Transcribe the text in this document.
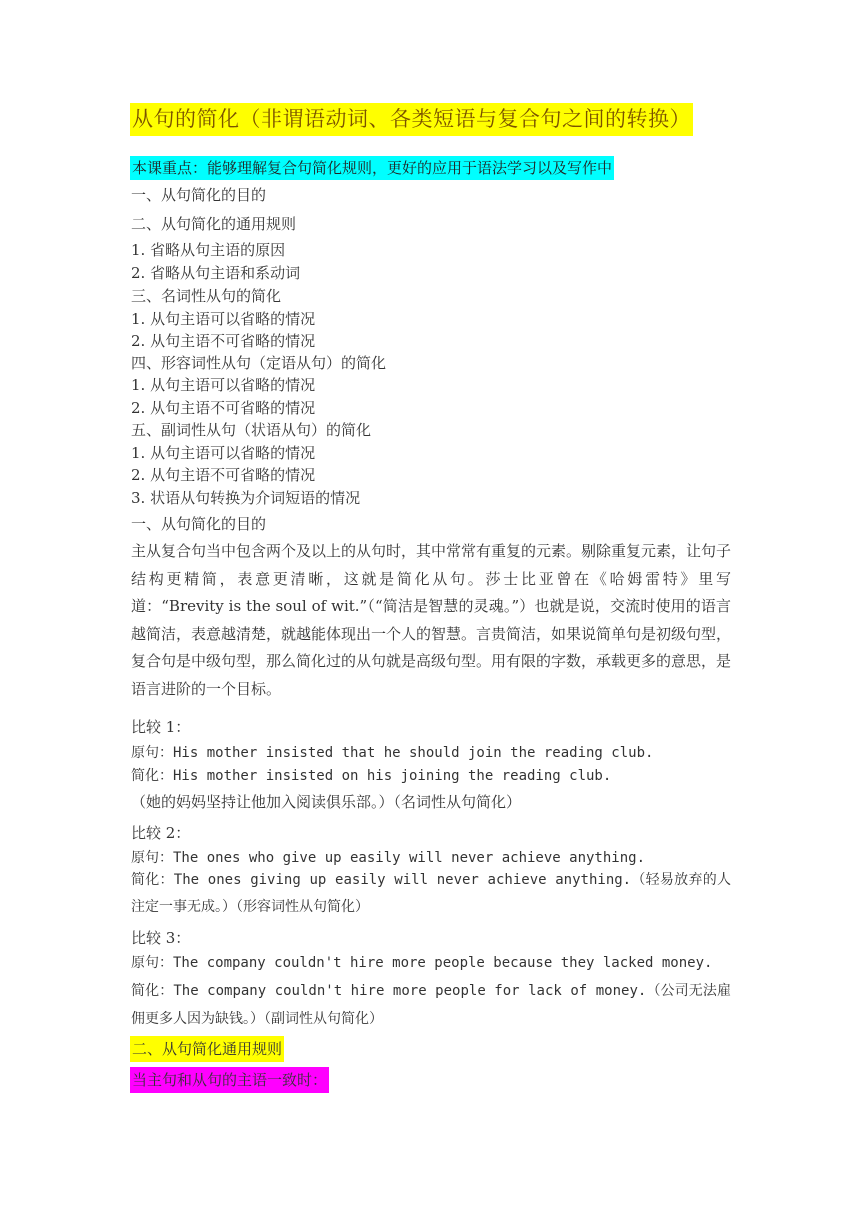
从句的简化（非谓语动词、各类短语与复合句之间的转换）
本课重点：能够理解复合句简化规则，更好的应用于语法学习以及写作中
一、从句简化的目的
二、从句简化的通用规则
1. 省略从句主语的原因
2. 省略从句主语和系动词
三、名词性从句的简化
1. 从句主语可以省略的情况
2. 从句主语不可省略的情况
四、形容词性从句（定语从句）的简化
1. 从句主语可以省略的情况
2. 从句主语不可省略的情况
五、副词性从句（状语从句）的简化
1. 从句主语可以省略的情况
2. 从句主语不可省略的情况
3. 状语从句转换为介词短语的情况
一、从句简化的目的

主从复合句当中包含两个及以上的从句时，其中常常有重复的元素。剔除重复元素，让句子结构更精简，表意更清晰，这就是简化从句。莎士比亚曾在《哈姆雷特》里写道：“Brevity is the soul of wit.”（“简洁是智慧的灵魂。”）也就是说，交流时使用的语言越简洁，表意越清楚，就越能体现出一个人的智慧。言贵简洁，如果说简单句是初级句型，复合句是中级句型，那么简化过的从句就是高级句型。用有限的字数，承载更多的意思，是语言进阶的一个目标。

比较 1：
原句：His mother insisted that he should join the reading club.
简化：His mother insisted on his joining the reading club.
（她的妈妈坚持让他加入阅读俱乐部。）（名词性从句简化）
比较 2：
原句：The ones who give up easily will never achieve anything.

简化：The ones giving up easily will never achieve anything.（轻易放弃的人注定一事无成。）（形容词性从句简化）

比较 3：
原句：The company couldn't hire more people because they lacked money.

简化：The company couldn't hire more people for lack of money.（公司无法雇佣更多人因为缺钱。）（副词性从句简化）

二、从句简化通用规则
当主句和从句的主语一致时：
